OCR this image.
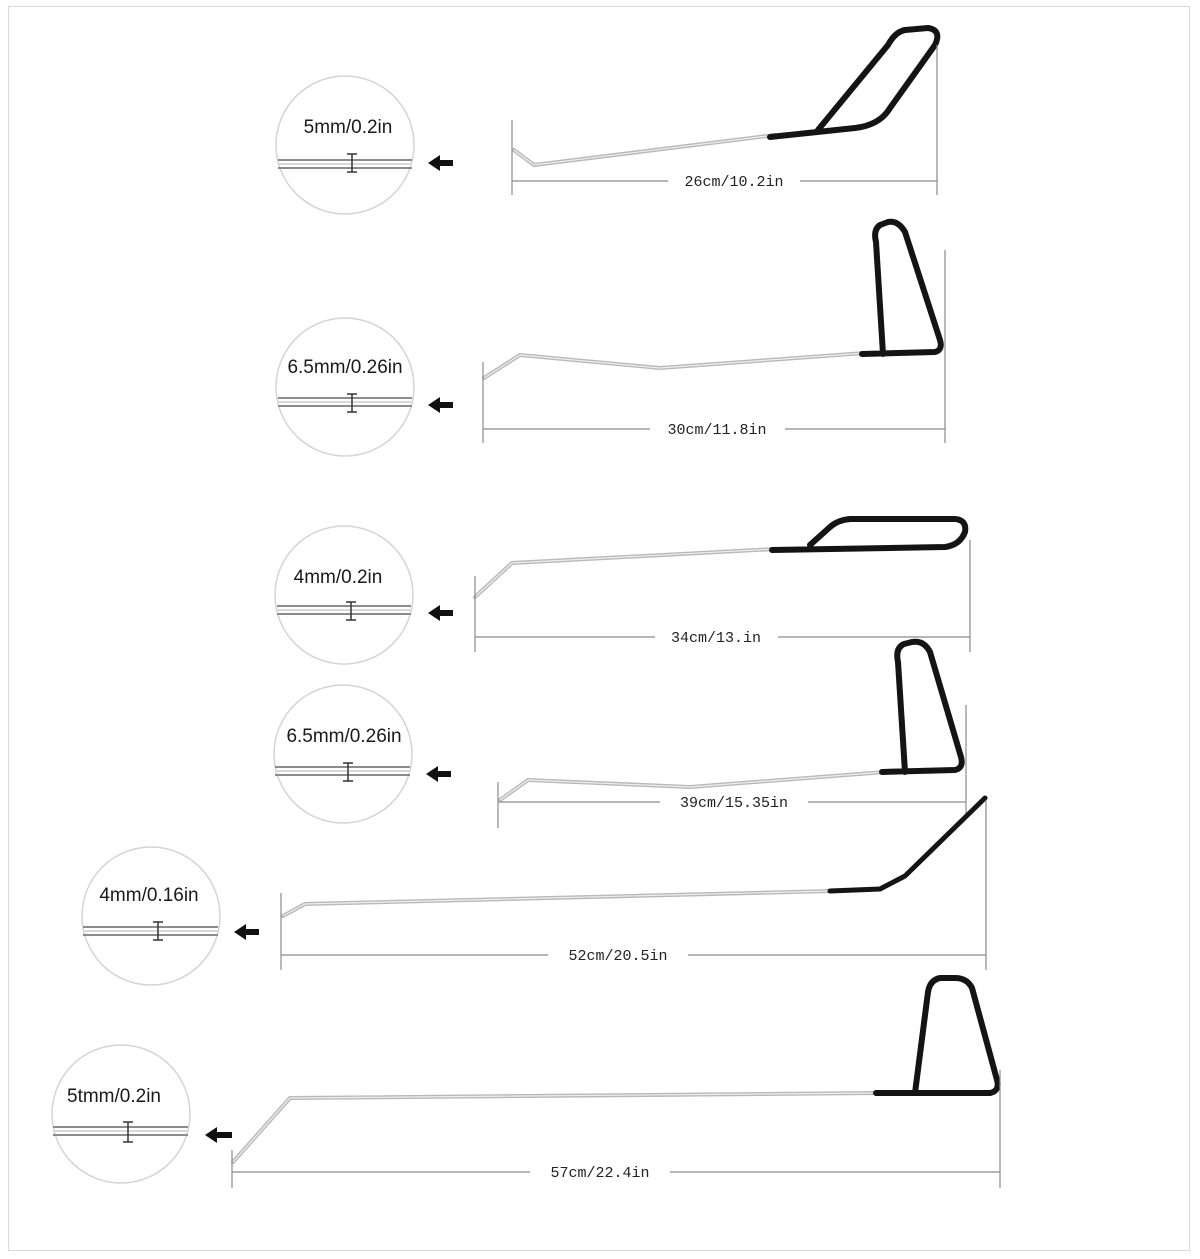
5mm/0.2in
26cm/10.2in
6.5mm/0.26in
30cm/11.8in
4mm/0.2in
34cm/13.in
6.5mm/0.26in
39cm/15.35in
4mm/0.16in
52cm/20.5in
5tmm/0.2in
57cm/22.4in
